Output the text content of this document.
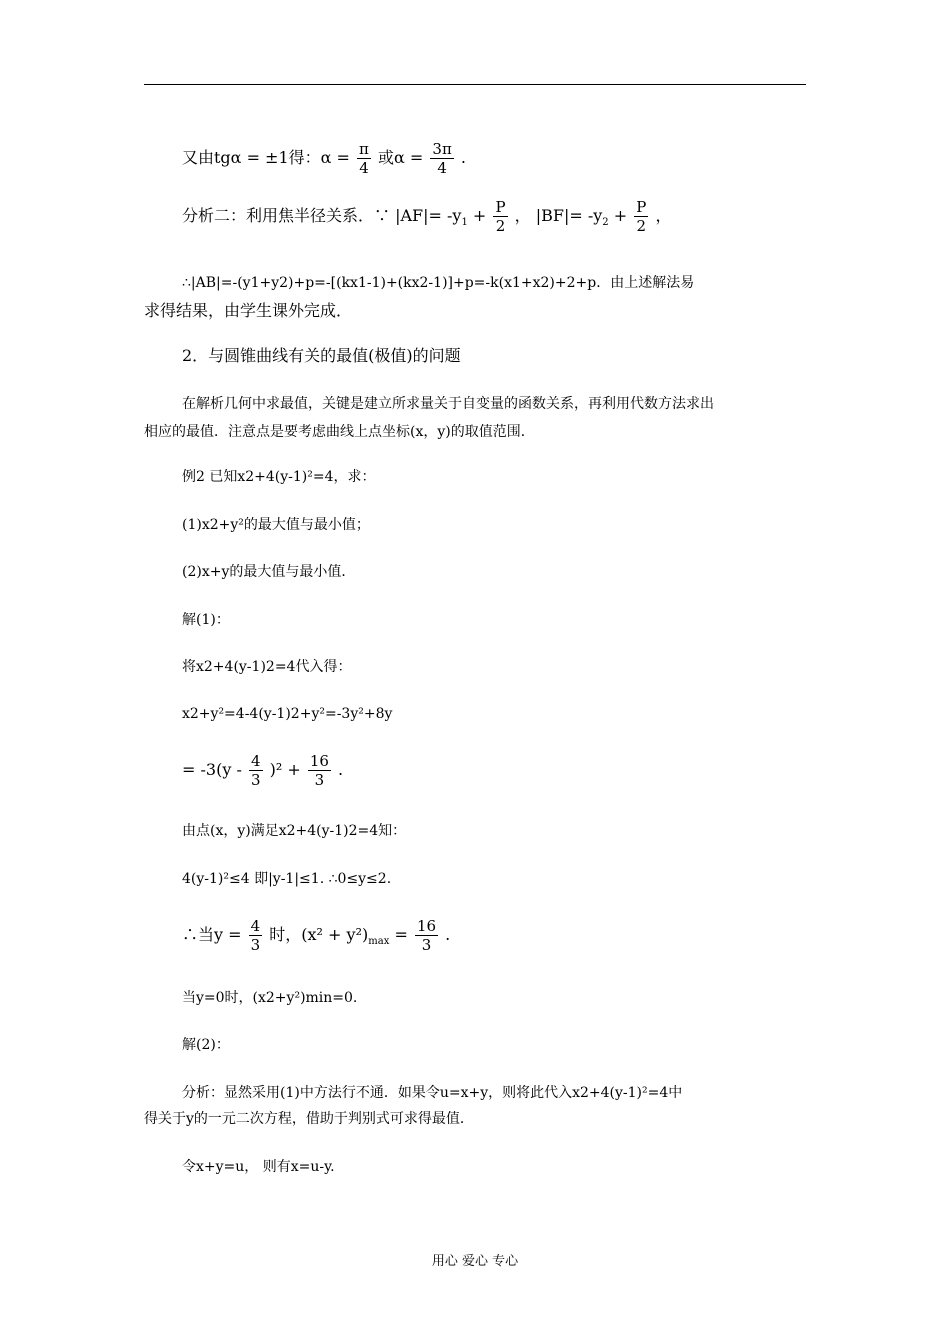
又由tgα = ±1得：$\alpha = \frac{\pi}{4}$ 或$\alpha = \frac{3\pi}{4}$ .
分析二：利用焦半径关系．∵ $|AF|= -y_1 + \frac{P}{2}$ ， $|BF|= -y_2 + \frac{P}{2}$ ，
∴|AB|=-(y1+y2)+p=-[(kx1-1)+(kx2-1)]+p=-k(x1+x2)+2+p．由上述解法易
求得结果，由学生课外完成．
2．与圆锥曲线有关的最值(极值)的问题
在解析几何中求最值，关键是建立所求量关于自变量的函数关系，再利用代数方法求出
相应的最值．注意点是要考虑曲线上点坐标(x，y)的取值范围．
例2 已知x2+4(y-1)²=4，求：
(1)x2+y²的最大值与最小值；
(2)x+y的最大值与最小值．
解(1)：
将x2+4(y-1)2=4代入得：
x2+y²=4-4(y-1)2+y²=-3y²+8y
= $-3(y - \frac{4}{3} )^2 + \frac{16}{3}$ .
由点(x，y)满足x2+4(y-1)2=4知：
4(y-1)²≤4 即|y-1|≤1. ∴0≤y≤2.
∴当$y = \frac{4}{3}$ 时，$(x^2 + y^2)_{max} = \frac{16}{3}$ .
当y=0时，(x2+y²)min=0.
解(2)：
分析：显然采用(1)中方法行不通．如果令u=x+y，则将此代入x2+4(y-1)²=4中
得关于y的一元二次方程，借助于判别式可求得最值．
令x+y=u， 则有x=u-y.
用心 爱心 专心
